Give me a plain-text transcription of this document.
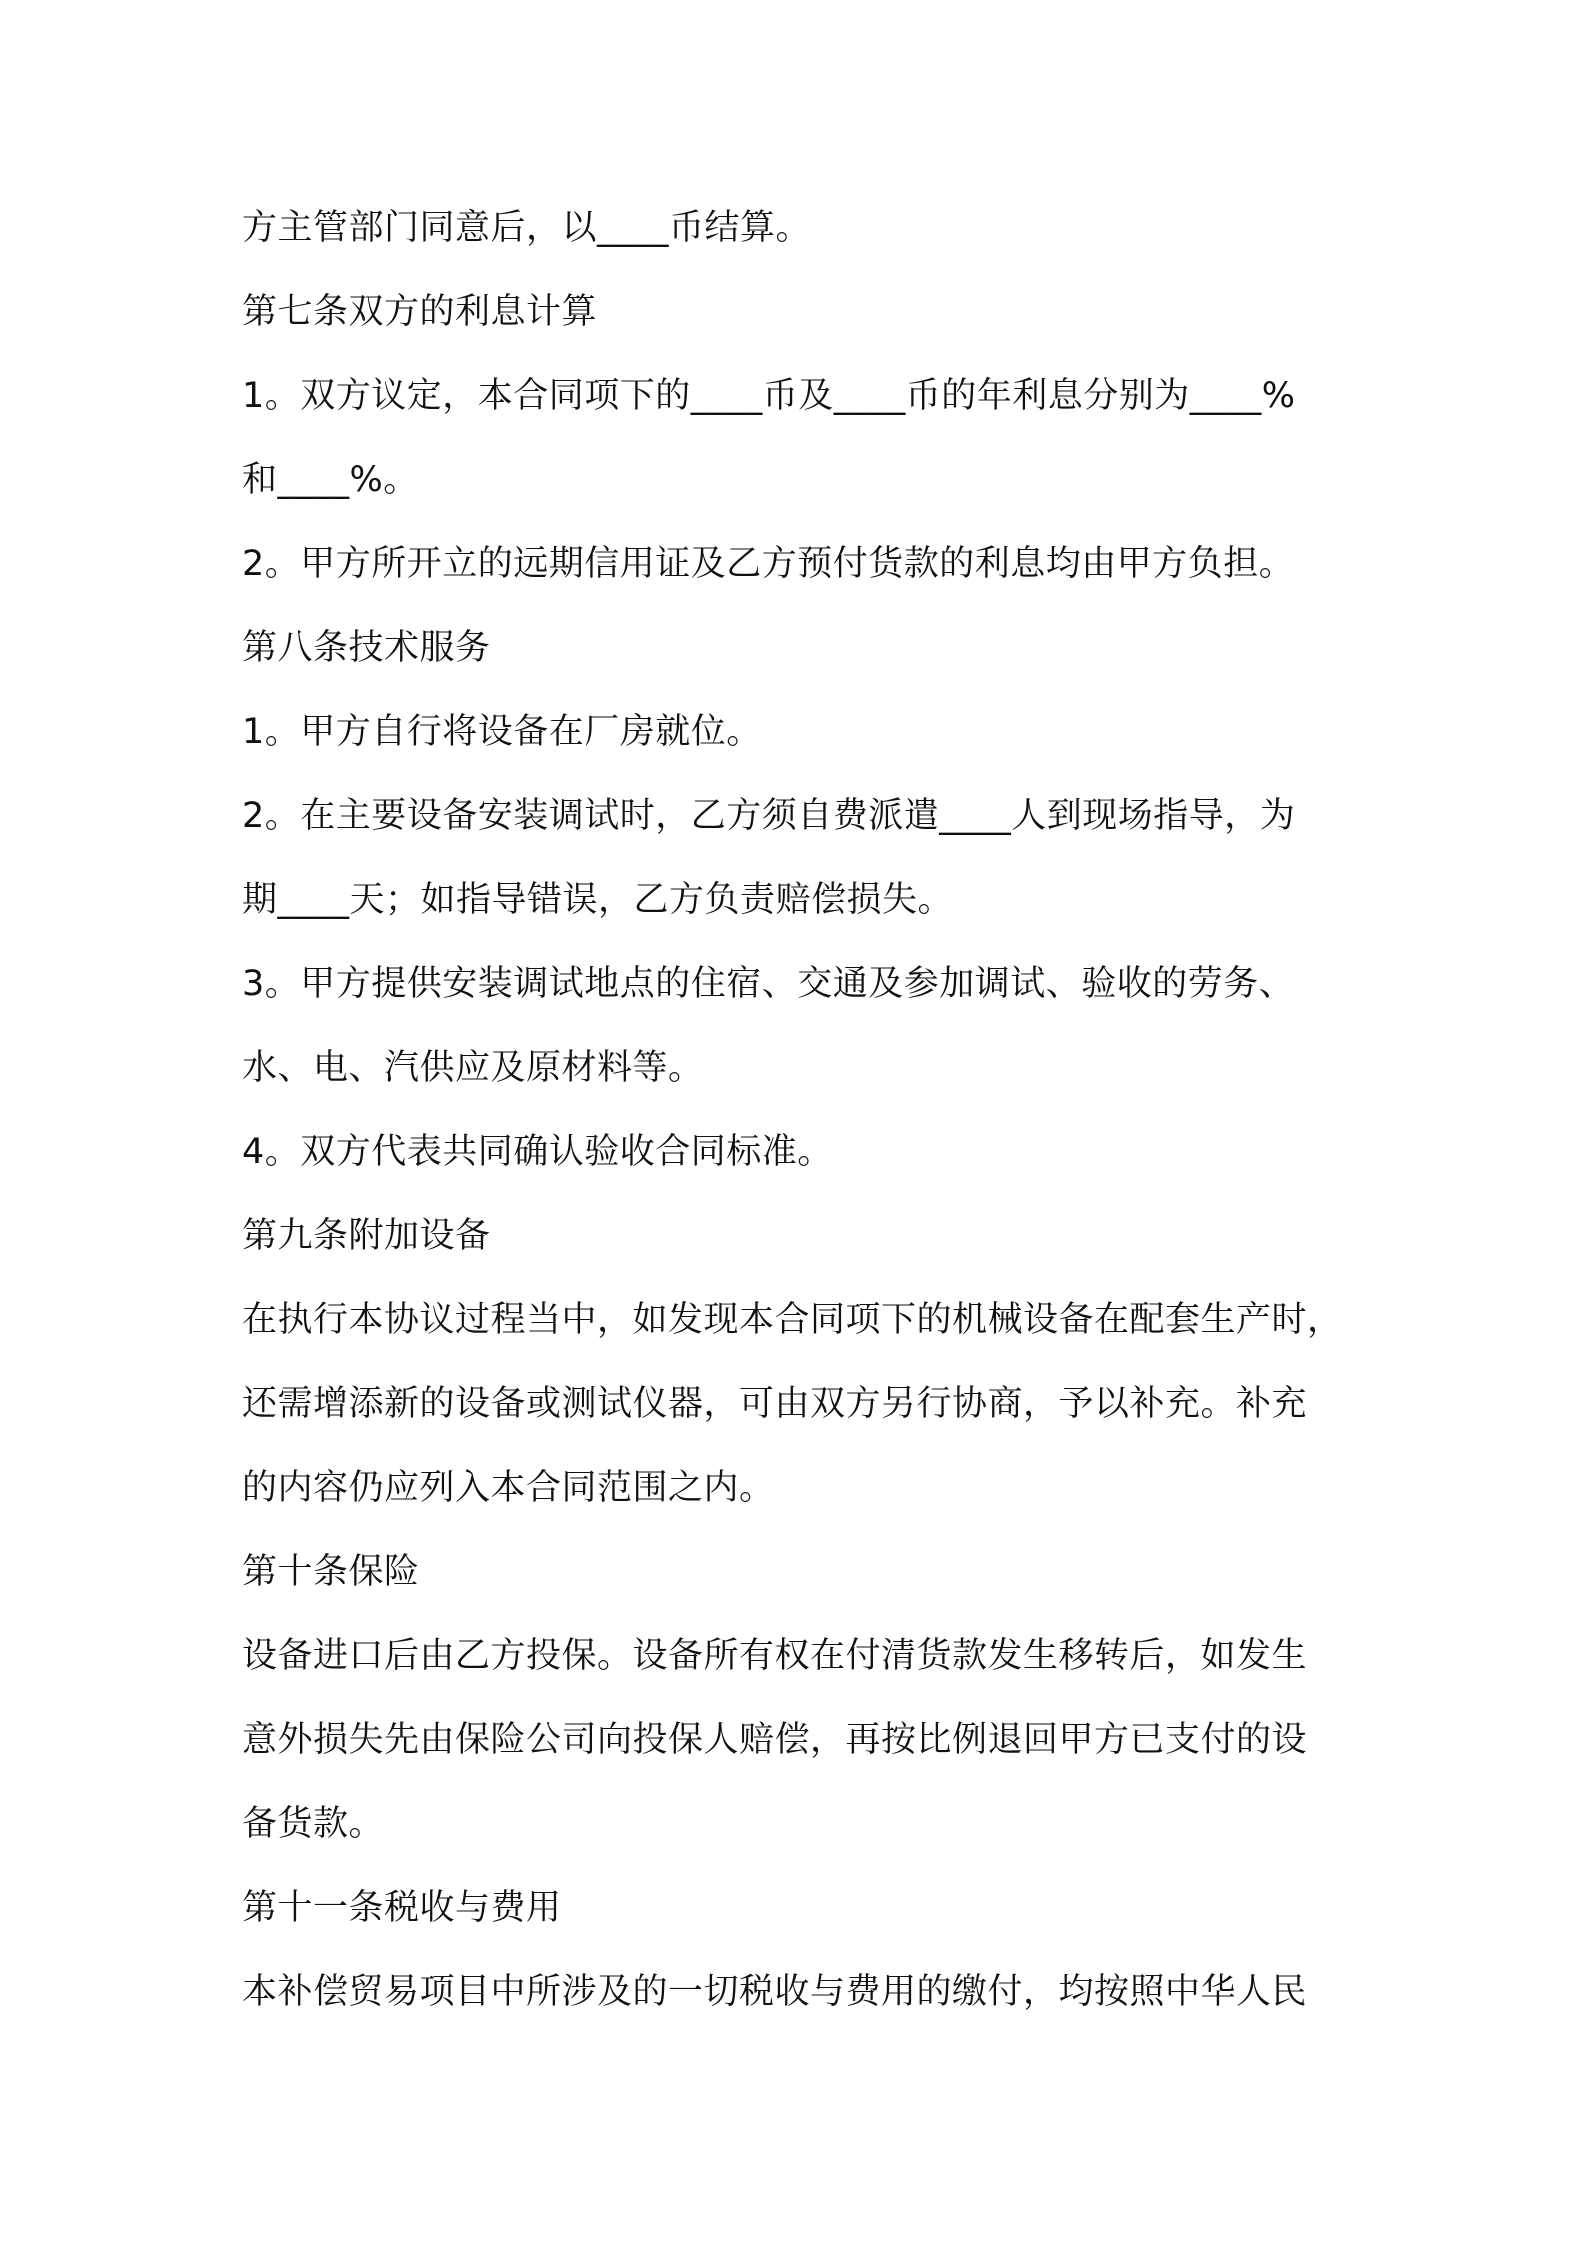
方主管部门同意后，以____币结算。
第七条双方的利息计算
1。双方议定，本合同项下的____币及____币的年利息分别为____%
和____%。
2。甲方所开立的远期信用证及乙方预付货款的利息均由甲方负担。
第八条技术服务
1。甲方自行将设备在厂房就位。
2。在主要设备安装调试时，乙方须自费派遣____人到现场指导，为
期____天；如指导错误，乙方负责赔偿损失。
3。甲方提供安装调试地点的住宿、交通及参加调试、验收的劳务、
水、电、汽供应及原材料等。
4。双方代表共同确认验收合同标准。
第九条附加设备
在执行本协议过程当中，如发现本合同项下的机械设备在配套生产时，
还需增添新的设备或测试仪器，可由双方另行协商，予以补充。补充
的内容仍应列入本合同范围之内。
第十条保险
设备进口后由乙方投保。设备所有权在付清货款发生移转后，如发生
意外损失先由保险公司向投保人赔偿，再按比例退回甲方已支付的设
备货款。
第十一条税收与费用
本补偿贸易项目中所涉及的一切税收与费用的缴付，均按照中华人民
